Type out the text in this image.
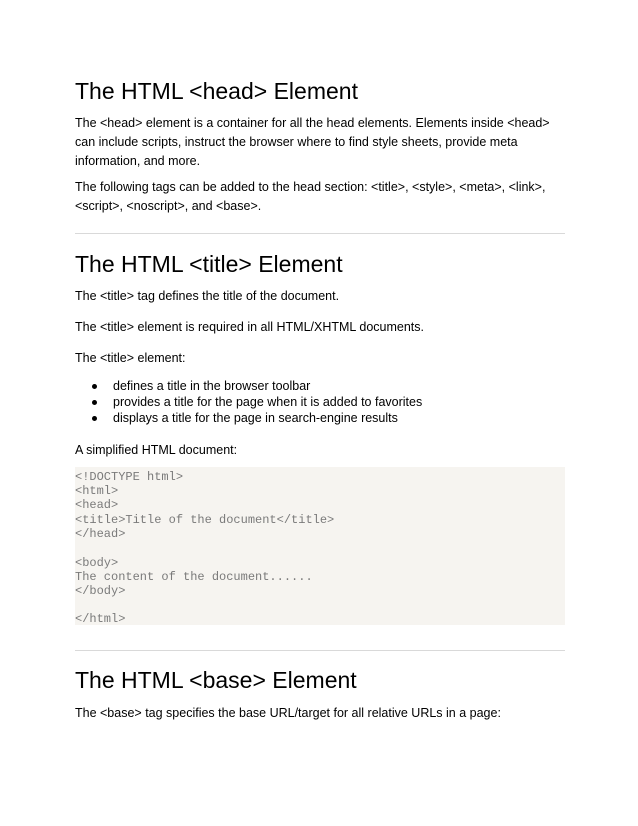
The HTML <head> Element

The <head> element is a container for all the head elements. Elements inside <head> can include scripts, instruct the browser where to find style sheets, provide meta information, and more.

The following tags can be added to the head section: <title>, <style>, <meta>, <link>, <script>, <noscript>, and <base>.

The HTML <title> Element

The <title> tag defines the title of the document.

The <title> element is required in all HTML/XHTML documents.

The <title> element:

defines a title in the browser toolbar
provides a title for the page when it is added to favorites
displays a title for the page in search-engine results

A simplified HTML document:

<!DOCTYPE html>
<html>
<head>
<title>Title of the document</title>
</head>
<body>
The content of the document......
</body>
</html>
The HTML <base> Element

The <base> tag specifies the base URL/target for all relative URLs in a page:
